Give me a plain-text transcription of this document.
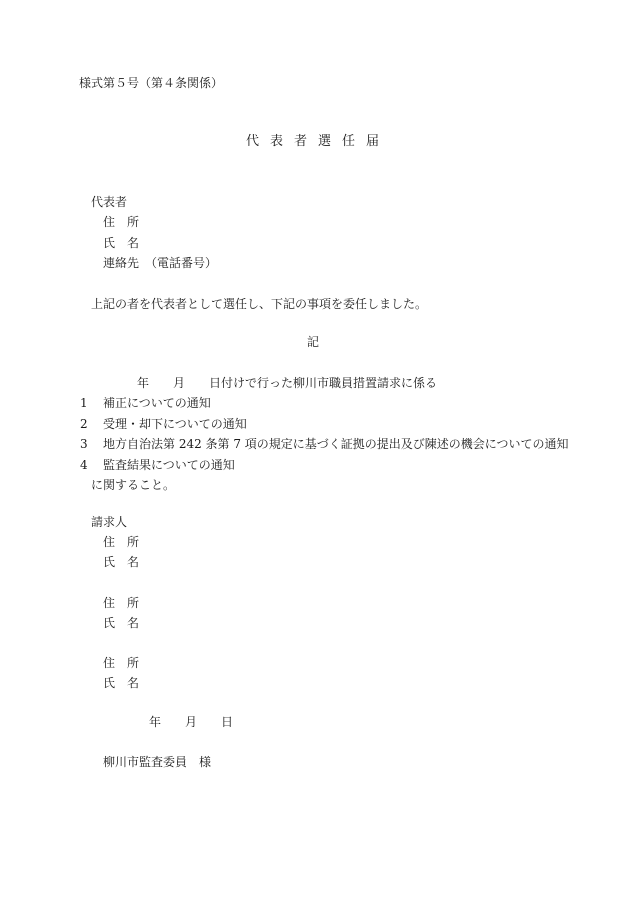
様式第５号（第４条関係）
代表者選任届
代表者
住　所
氏　名
連絡先　（電話番号）
上記の者を代表者として選任し、下記の事項を委任しました。
記
年　　月　　日付けで行った柳川市職員措置請求に係る
1 補正についての通知
2 受理・却下についての通知
3 地方自治法第 242 条第 7 項の規定に基づく証拠の提出及び陳述の機会についての通知
4 監査結果についての通知
に関すること。
請求人
住　所
氏　名
住　所
氏　名
住　所
氏　名
年　　月　　日
柳川市監査委員　様
